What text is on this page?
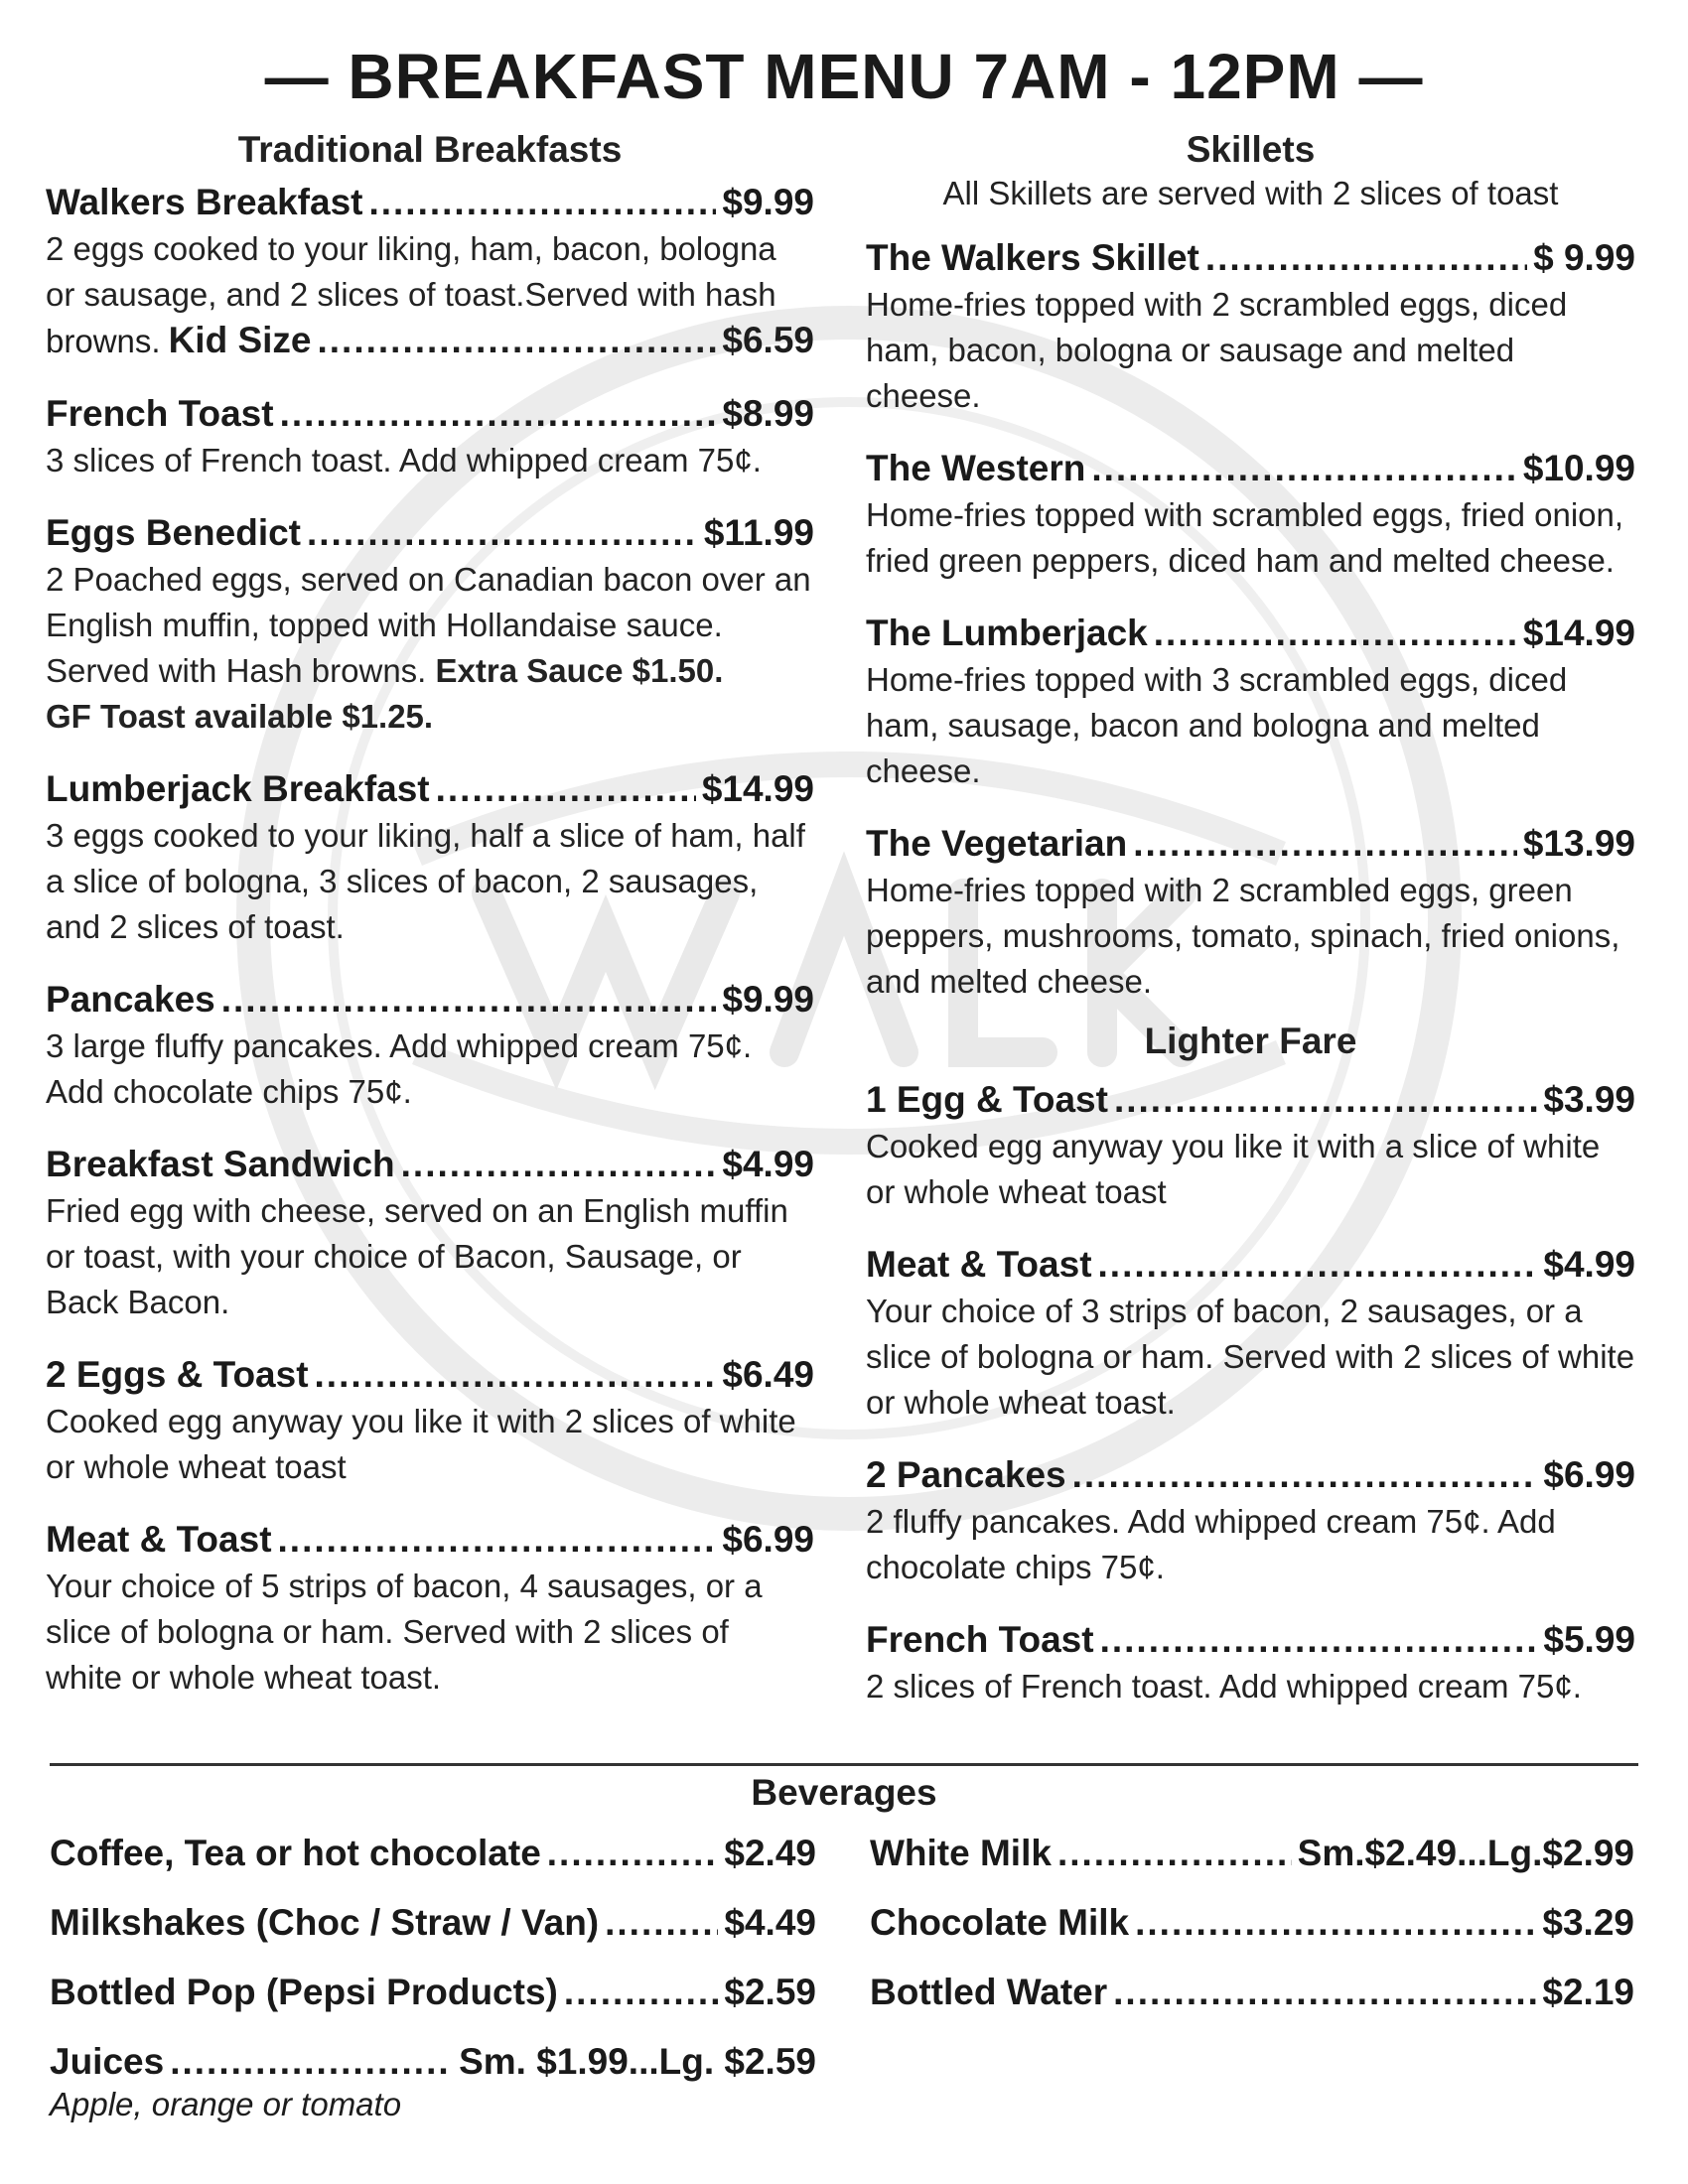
— BREAKFAST MENU 7AM - 12PM —
Traditional Breakfasts
Walkers Breakfast .....	$9.99
2 eggs cooked to your liking, ham, bacon, bologna or sausage, and 2 slices of toast.Served with hash
browns. Kid Size .....	$6.59
French Toast .....	$8.99
3 slices of French toast. Add whipped cream 75¢.
Eggs Benedict .....	$11.99
2 Poached eggs, served on Canadian bacon over an English muffin, topped with Hollandaise sauce. Served with Hash browns. Extra Sauce $1.50.
GF Toast available $1.25.
Lumberjack Breakfast .....	$14.99
3 eggs cooked to your liking, half a slice of ham, half a slice of bologna, 3 slices of bacon, 2 sausages, and 2 slices of toast.
Pancakes .....	$9.99
3 large fluffy pancakes. Add whipped cream 75¢. Add chocolate chips 75¢.
Breakfast Sandwich .....	$4.99
Fried egg with cheese, served on an English muffin or toast, with your choice of Bacon, Sausage, or Back Bacon.
2 Eggs & Toast .....	$6.49
Cooked egg anyway you like it with 2 slices of white or whole wheat toast
Meat & Toast .....	$6.99
Your choice of 5 strips of bacon, 4 sausages, or a slice of bologna or ham. Served with 2 slices of white or whole wheat toast.
Skillets
All Skillets are served with 2 slices of toast
The Walkers Skillet .....	$ 9.99
Home-fries topped with 2 scrambled eggs, diced ham, bacon, bologna or sausage and melted cheese.
The Western .....	$10.99
Home-fries topped with scrambled eggs, fried onion, fried green peppers, diced ham and melted cheese.
The Lumberjack .....	$14.99
Home-fries topped with 3 scrambled eggs, diced ham, sausage, bacon and bologna and melted cheese.
The Vegetarian .....	$13.99
Home-fries topped with 2 scrambled eggs, green peppers, mushrooms, tomato, spinach, fried onions, and melted cheese.
Lighter Fare
1 Egg & Toast .....	$3.99
Cooked egg anyway you like it with a slice of white or whole wheat toast
Meat & Toast .....	$4.99
Your choice of 3 strips of bacon, 2 sausages, or a slice of bologna or ham. Served with 2 slices of white or whole wheat toast.
2 Pancakes .....	$6.99
2 fluffy pancakes. Add whipped cream 75¢. Add chocolate chips 75¢.
French Toast .....	$5.99
2 slices of French toast. Add whipped cream 75¢.
Beverages
Coffee, Tea or hot chocolate .....	$2.49
Milkshakes (Choc / Straw / Van) .....	$4.49
Bottled Pop (Pepsi Products) .....	$2.59
Juices .....	Sm. $1.99...Lg. $2.59
Apple, orange or tomato
White Milk .....	Sm.$2.49...Lg.$2.99
Chocolate Milk .....	$3.29
Bottled Water .....	$2.19
